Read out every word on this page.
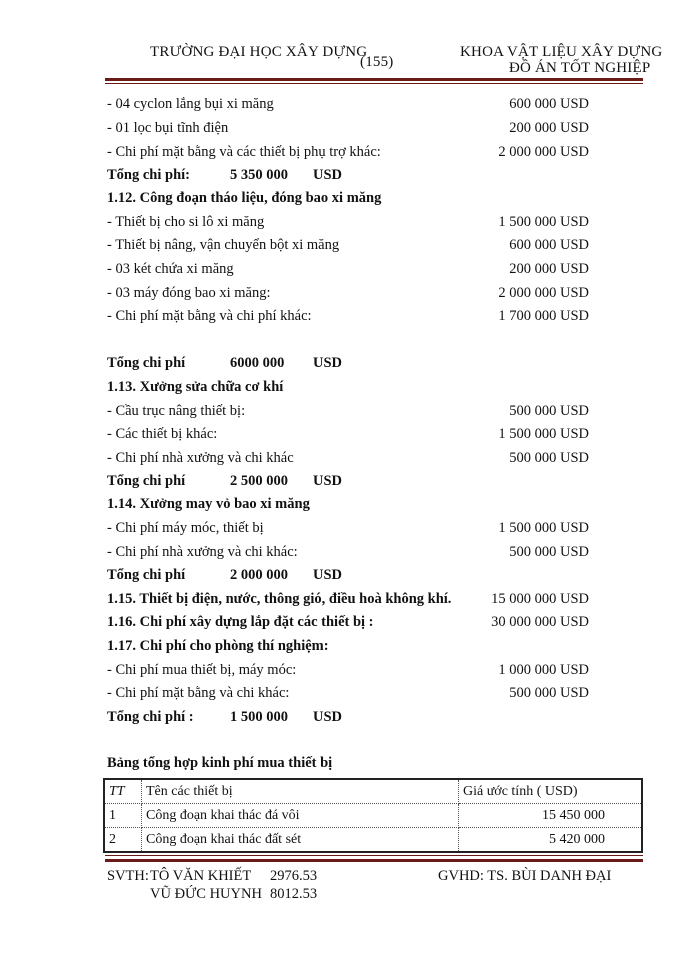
TRƯỜNG ĐẠI HỌC XÂY DỰNG
(155)
KHOA VẬT LIỆU XÂY DỰNG
ĐỒ ÁN TỐT NGHIỆP
- 04 cyclon lắng bụi xi măng	600 000 USD
- 01 lọc bụi tĩnh điện	200 000 USD
- Chi phí mặt bằng và các thiết bị phụ trợ khác:	2 000 000 USD
Tổng chi phí:	5 350 000 USD
1.12. Công đoạn tháo liệu, đóng bao xi măng
- Thiết bị cho si lô xi măng	1 500 000 USD
- Thiết bị nâng, vận chuyển bột xi măng	600 000 USD
- 03 két chứa xi măng	200 000 USD
- 03 máy đóng bao xi măng:	2 000 000 USD
- Chi phí mặt bằng và chi phí khác:	1 700 000 USD
Tổng chi phí	6000 000 USD
1.13. Xưởng sửa chữa cơ khí
- Cầu trục nâng thiết bị:	500 000 USD
- Các thiết bị khác:	1 500 000 USD
- Chi phí nhà xưởng và chi khác	500 000 USD
Tổng chi phí	2 500 000 USD
1.14. Xưởng may vỏ bao xi măng
- Chi phí máy móc, thiết bị	1 500 000 USD
- Chi phí nhà xưởng và chi khác:	500 000 USD
Tổng chi phí	2 000 000 USD
1.15. Thiết bị điện, nước, thông gió, điều hoà không khí.	15 000 000 USD
1.16. Chi phí xây dựng lắp đặt các thiết bị :	30 000 000 USD
1.17. Chi phí cho phòng thí nghiệm:
- Chi phí mua thiết bị, máy móc:	1 000 000 USD
- Chi phí mặt bằng và chi khác:	500 000 USD
Tổng chi phí :	1 500 000 USD
Bảng tổng hợp kinh phí mua thiết bị
TT	Tên các thiết bị	Giá ước tính ( USD)
1	Công đoạn khai thác đá vôi	15 450 000
2	Công đoạn khai thác đất sét	5 420 000
SVTH: TÔ VĂN KHIẾT 2976.53
VŨ ĐỨC HUYNH 8012.53
GVHD: TS. BÙI DANH ĐẠI
